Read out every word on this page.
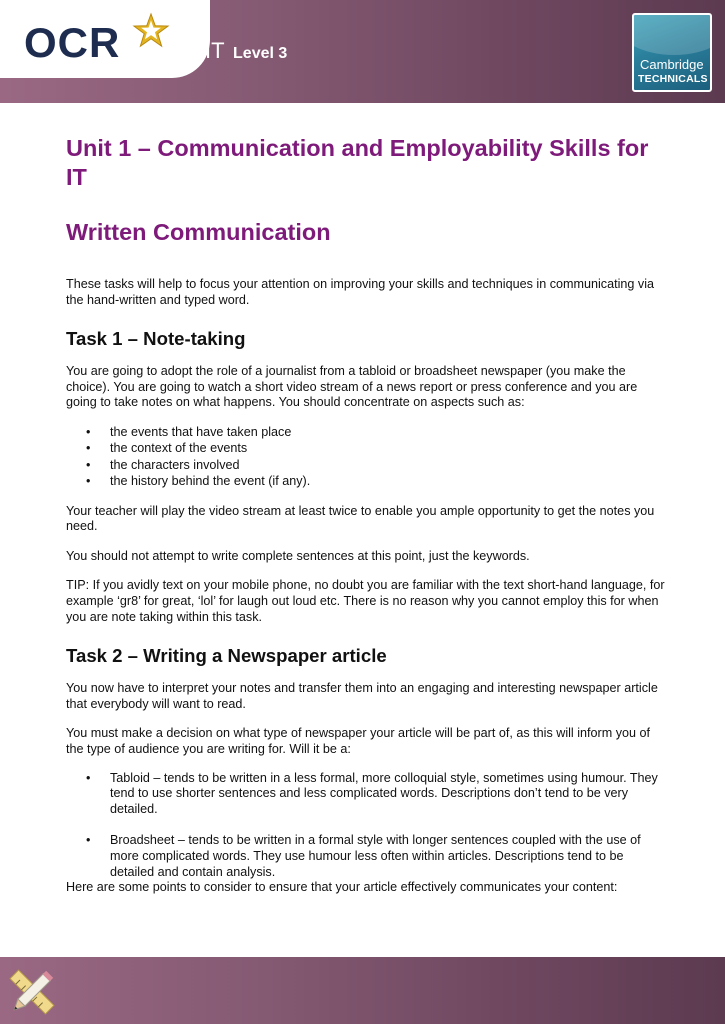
OCR	IT Level 3
Cambridge
TECHNICALS
Unit 1 – Communication and Employability Skills for IT
Written Communication

These tasks will help to focus your attention on improving your skills and techniques in communicating via the hand-written and typed word.

Task 1 – Note-taking

You are going to adopt the role of a journalist from a tabloid or broadsheet newspaper (you make the choice). You are going to watch a short video stream of a news report or press conference and you are going to take notes on what happens. You should concentrate on aspects such as:

• the events that have taken place
• the context of the events
• the characters involved
• the history behind the event (if any).

Your teacher will play the video stream at least twice to enable you ample opportunity to get the notes you need.

You should not attempt to write complete sentences at this point, just the keywords.

TIP: If you avidly text on your mobile phone, no doubt you are familiar with the text short-hand language, for example ‘gr8’ for great, ‘lol’ for laugh out loud etc. There is no reason why you cannot employ this for when you are note taking within this task.

Task 2 – Writing a Newspaper article

You now have to interpret your notes and transfer them into an engaging and interesting newspaper article that everybody will want to read.

You must make a decision on what type of newspaper your article will be part of, as this will inform you of the type of audience you are writing for. Will it be a:

• Tabloid – tends to be written in a less formal, more colloquial style, sometimes using humour. They tend to use shorter sentences and less complicated words. Descriptions don’t tend to be very detailed.
• Broadsheet – tends to be written in a formal style with longer sentences coupled with the use of more complicated words. They use humour less often within articles. Descriptions tend to be detailed and contain analysis.

Here are some points to consider to ensure that your article effectively communicates your content:
